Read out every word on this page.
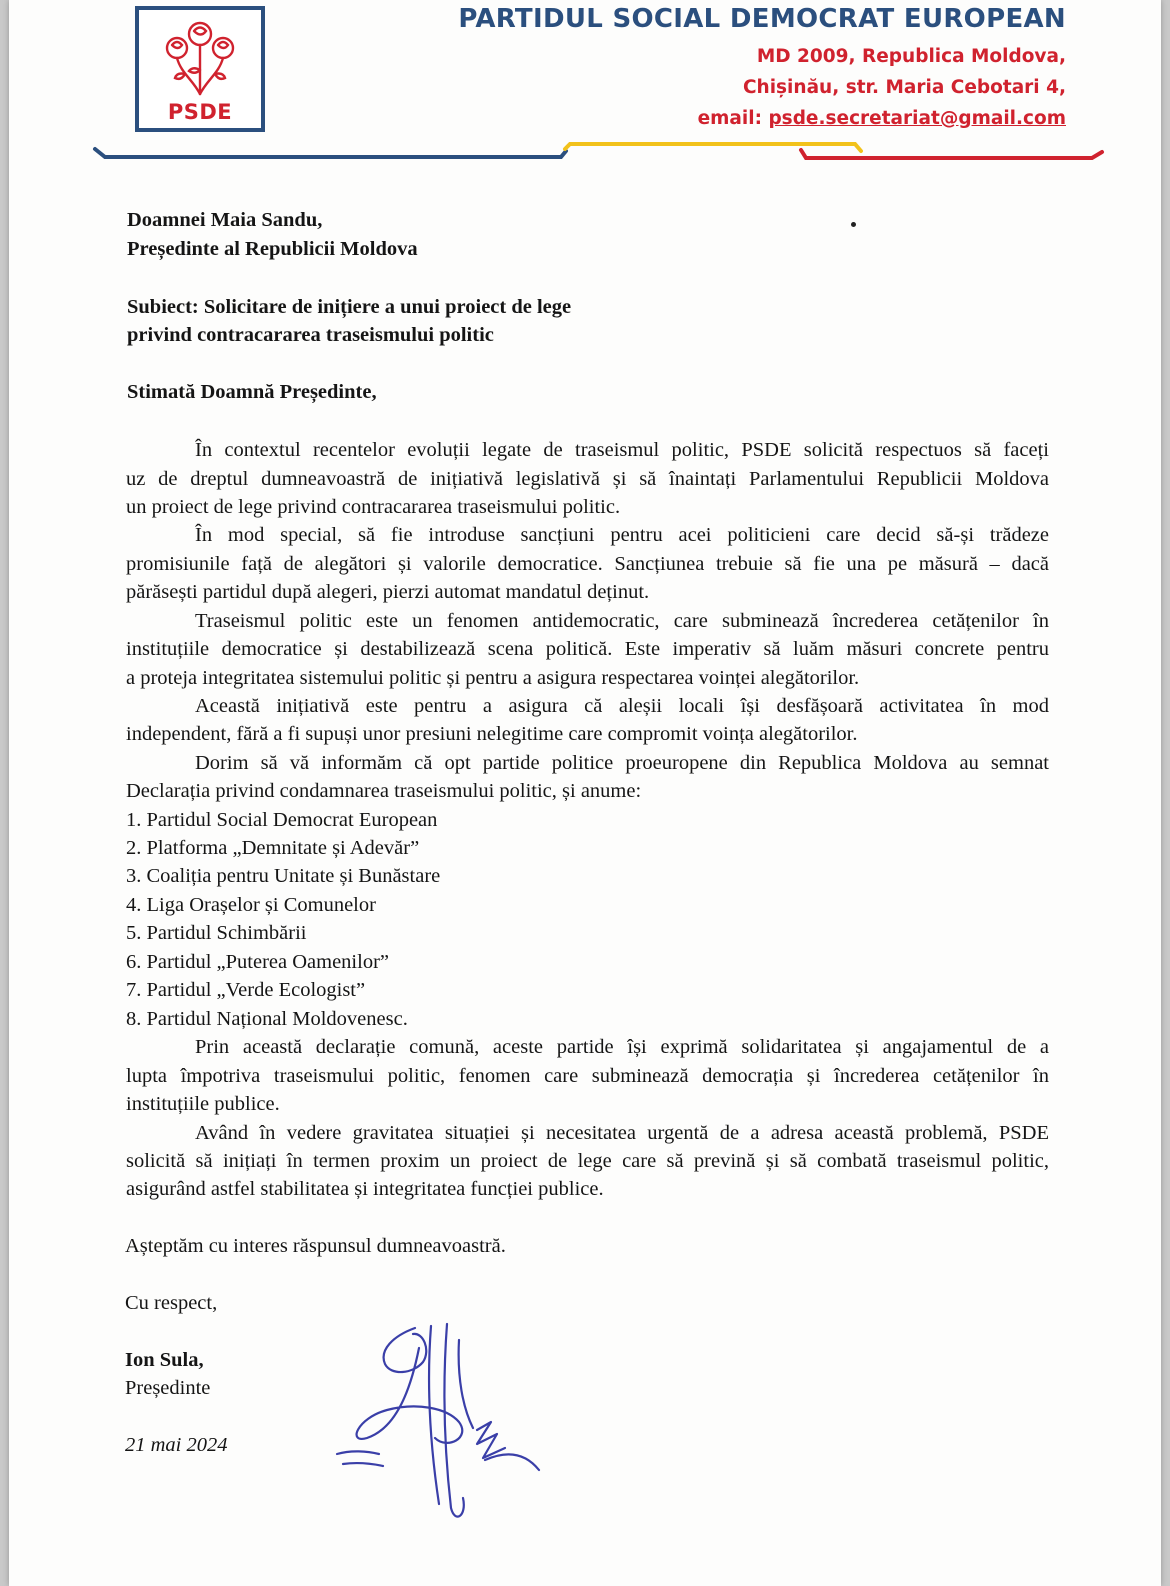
PSDE
PARTIDUL SOCIAL DEMOCRAT EUROPEAN
MD 2009, Republica Moldova,
Chișinău, str. Maria Cebotari 4,
email: psde.secretariat@gmail.com
Doamnei Maia Sandu,
Președinte al Republicii Moldova
Subiect: Solicitare de inițiere a unui proiect de lege
privind contracararea traseismului politic
Stimată Doamnă Președinte,
În contextul recentelor evoluții legate de traseismul politic, PSDE solicită respectuos să faceți
uz de dreptul dumneavoastră de inițiativă legislativă și să înaintați Parlamentului Republicii Moldova
un proiect de lege privind contracararea traseismului politic.
În mod special, să fie introduse sancțiuni pentru acei politicieni care decid să-și trădeze
promisiunile față de alegători și valorile democratice. Sancțiunea trebuie să fie una pe măsură – dacă
părăsești partidul după alegeri, pierzi automat mandatul deținut.
Traseismul politic este un fenomen antidemocratic, care subminează încrederea cetățenilor în
instituțiile democratice și destabilizează scena politică. Este imperativ să luăm măsuri concrete pentru
a proteja integritatea sistemului politic și pentru a asigura respectarea voinței alegătorilor.
Această inițiativă este pentru a asigura că aleșii locali își desfășoară activitatea în mod
independent, fără a fi supuși unor presiuni nelegitime care compromit voința alegătorilor.
Dorim să vă informăm că opt partide politice proeuropene din Republica Moldova au semnat
Declarația privind condamnarea traseismului politic, și anume:
1. Partidul Social Democrat European
2. Platforma „Demnitate și Adevăr”
3. Coaliția pentru Unitate și Bunăstare
4. Liga Orașelor și Comunelor
5. Partidul Schimbării
6. Partidul „Puterea Oamenilor”
7. Partidul „Verde Ecologist”
8. Partidul Național Moldovenesc.
Prin această declarație comună, aceste partide își exprimă solidaritatea și angajamentul de a
lupta împotriva traseismului politic, fenomen care subminează democrația și încrederea cetățenilor în
instituțiile publice.
Având în vedere gravitatea situației și necesitatea urgentă de a adresa această problemă, PSDE
solicită să inițiați în termen proxim un proiect de lege care să prevină și să combată traseismul politic,
asigurând astfel stabilitatea și integritatea funcției publice.
Așteptăm cu interes răspunsul dumneavoastră.
Cu respect,
Ion Sula,
Președinte
21 mai 2024
